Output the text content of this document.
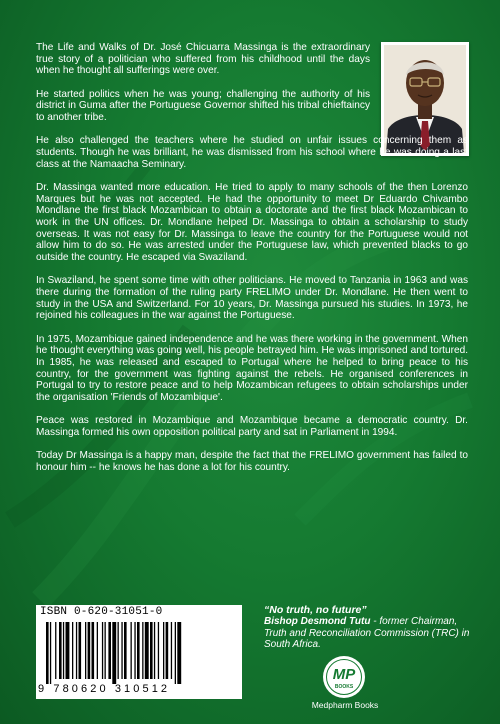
The Life and Walks of Dr. José Chicuarra Massinga is the extraordinary true story of a politician who suffered from his childhood until the days when he thought all sufferings were over.

He started politics when he was young; challenging the authority of his district in Guma after the Portuguese Governor shifted his tribal chieftaincy to another tribe.

He also challenged the teachers where he studied on unfair issues concerning them as students. Though he was brilliant, he was dismissed from his school where he was doing a last class at the Namaacha Seminary.

Dr. Massinga wanted more education. He tried to apply to many schools of the then Lorenzo Marques but he was not accepted. He had the opportunity to meet Dr Eduardo Chivambo Mondlane the first black Mozambican to obtain a doctorate and the first black Mozambican to work in the UN offices. Dr. Mondlane helped Dr. Massinga to obtain a scholarship to study overseas. It was not easy for Dr. Massinga to leave the country for the Portuguese would not allow him to do so. He was arrested under the Portuguese law, which prevented blacks to go outside the country. He escaped via Swaziland.

In Swaziland, he spent some time with other politicians. He moved to Tanzania in 1963 and was there during the formation of the ruling party FRELIMO under Dr. Mondlane. He then went to study in the USA and Switzerland. For 10 years, Dr. Massinga pursued his studies. In 1973, he rejoined his colleagues in the war against the Portuguese.

In 1975, Mozambique gained independence and he was there working in the government. When he thought everything was going well, his people betrayed him. He was imprisoned and tortured. In 1985, he was released and escaped to Portugal where he helped to bring peace to his country, for the government was fighting against the rebels. He organised conferences in Portugal to try to restore peace and to help Mozambican refugees to obtain scholarships under the organisation 'Friends of Mozambique'.

Peace was restored in Mozambique and Mozambique became a democratic country. Dr. Massinga formed his own opposition political party and sat in Parliament in 1994.

Today Dr Massinga is a happy man, despite the fact that the FRELIMO government has failed to honour him -- he knows he has done a lot for his country.

ISBN 0-620-31051-0
9 780620 310512
“No truth, no future”
Bishop Desmond Tutu - former Chairman, Truth and Reconciliation Commission (TRC) in South Africa.
MP
BOOKS
Medpharm Books
